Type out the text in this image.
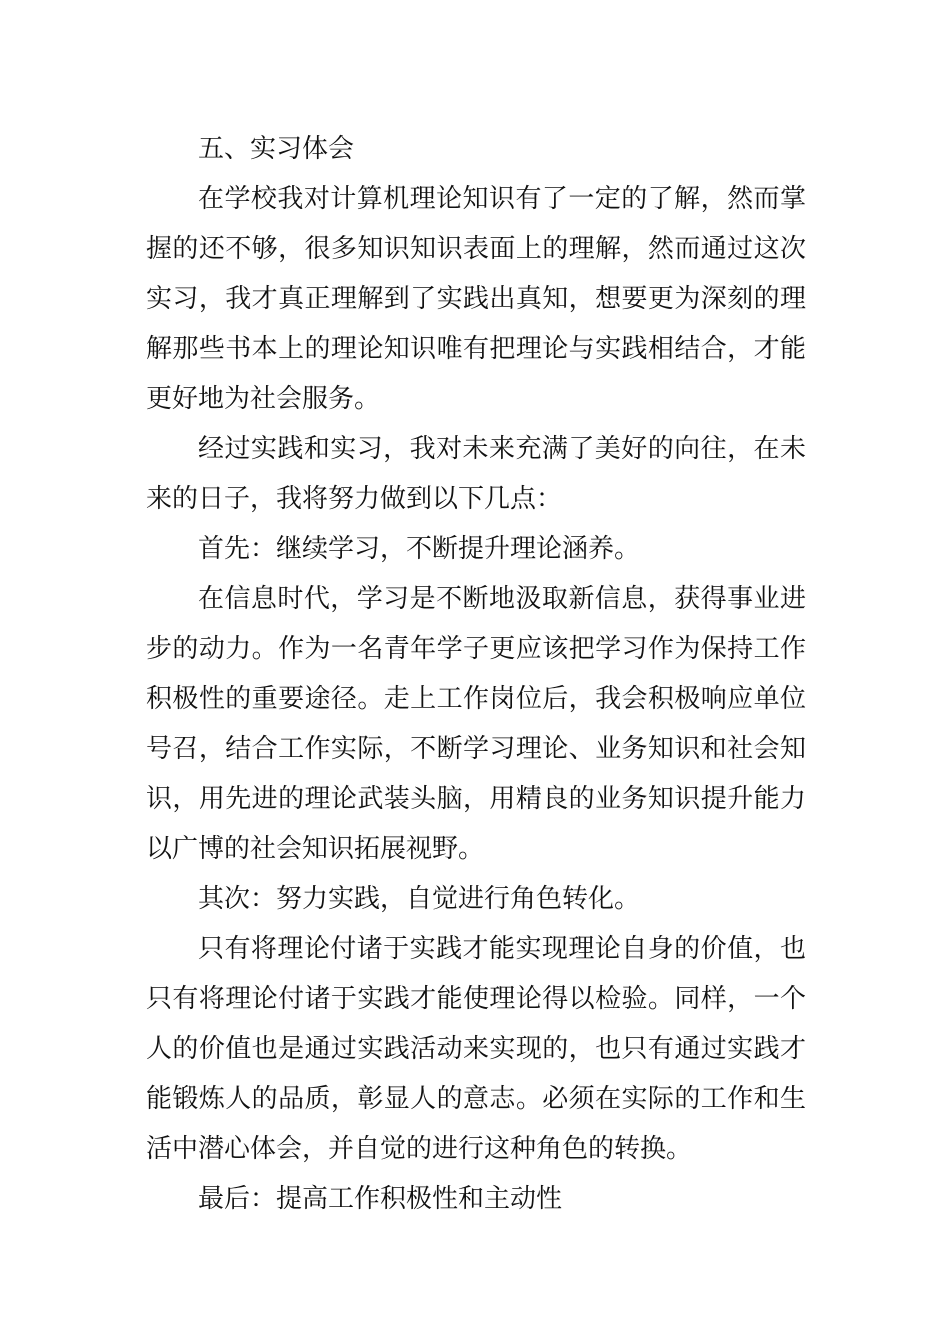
五、实习体会
在学校我对计算机理论知识有了一定的了解，然而掌
握的还不够，很多知识知识表面上的理解，然而通过这次
实习，我才真正理解到了实践出真知，想要更为深刻的理
解那些书本上的理论知识唯有把理论与实践相结合，才能
更好地为社会服务。
经过实践和实习，我对未来充满了美好的向往，在未
来的日子，我将努力做到以下几点：
首先：继续学习，不断提升理论涵养。
在信息时代，学习是不断地汲取新信息，获得事业进
步的动力。作为一名青年学子更应该把学习作为保持工作
积极性的重要途径。走上工作岗位后，我会积极响应单位
号召，结合工作实际，不断学习理论、业务知识和社会知
识，用先进的理论武装头脑，用精良的业务知识提升能力
以广博的社会知识拓展视野。
其次：努力实践，自觉进行角色转化。
只有将理论付诸于实践才能实现理论自身的价值，也
只有将理论付诸于实践才能使理论得以检验。同样，一个
人的价值也是通过实践活动来实现的，也只有通过实践才
能锻炼人的品质，彰显人的意志。必须在实际的工作和生
活中潜心体会，并自觉的进行这种角色的转换。
最后：提高工作积极性和主动性
